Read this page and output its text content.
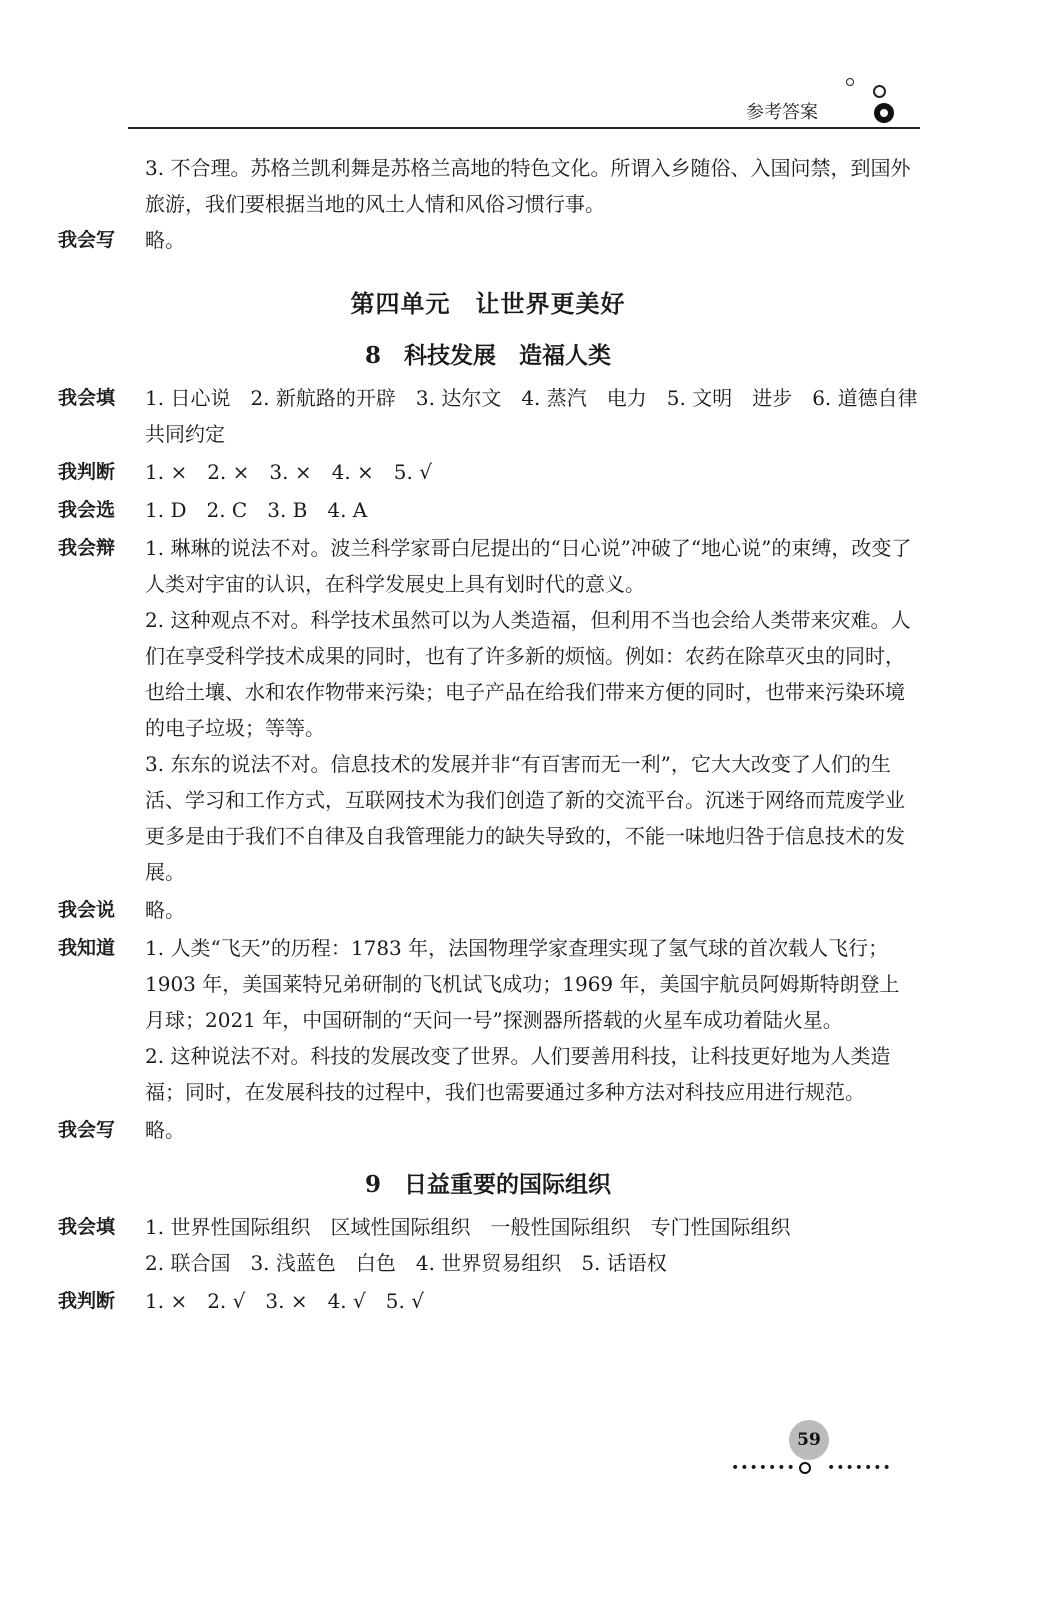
参考答案
3. 不合理。苏格兰凯利舞是苏格兰高地的特色文化。所谓入乡随俗、入国问禁，到国外旅游，我们要根据当地的风土人情和风俗习惯行事。
我会写	略。
第四单元　让世界更美好
8　科技发展　造福人类
我会填	1. 日心说　2. 新航路的开辟　3. 达尔文　4. 蒸汽　电力　5. 文明　进步　6. 道德自律　共同约定
我判断	1. ×　2. ×　3. ×　4. ×　5. √
我会选	1. D　2. C　3. B　4. A
我会辩	1. 琳琳的说法不对。波兰科学家哥白尼提出的“日心说”冲破了“地心说”的束缚，改变了人类对宇宙的认识，在科学发展史上具有划时代的意义。

2. 这种观点不对。科学技术虽然可以为人类造福，但利用不当也会给人类带来灾难。人们在享受科学技术成果的同时，也有了许多新的烦恼。例如：农药在除草灭虫的同时，也给土壤、水和农作物带来污染；电子产品在给我们带来方便的同时，也带来污染环境的电子垃圾；等等。

3. 东东的说法不对。信息技术的发展并非“有百害而无一利”，它大大改变了人们的生活、学习和工作方式，互联网技术为我们创造了新的交流平台。沉迷于网络而荒废学业更多是由于我们不自律及自我管理能力的缺失导致的，不能一味地归咎于信息技术的发展。

我会说	略。
我知道	1. 人类“飞天”的历程：1783 年，法国物理学家查理实现了氢气球的首次载人飞行；1903 年，美国莱特兄弟研制的飞机试飞成功；1969 年，美国宇航员阿姆斯特朗登上月球；2021 年，中国研制的“天问一号”探测器所搭载的火星车成功着陆火星。

2. 这种说法不对。科技的发展改变了世界。人们要善用科技，让科技更好地为人类造福；同时，在发展科技的过程中，我们也需要通过多种方法对科技应用进行规范。

我会写	略。
9　日益重要的国际组织
我会填	1. 世界性国际组织　区域性国际组织　一般性国际组织　专门性国际组织

2. 联合国　3. 浅蓝色　白色　4. 世界贸易组织　5. 话语权

我判断	1. ×　2. √　3. ×　4. √　5. √
•••••••
59
•••••••
